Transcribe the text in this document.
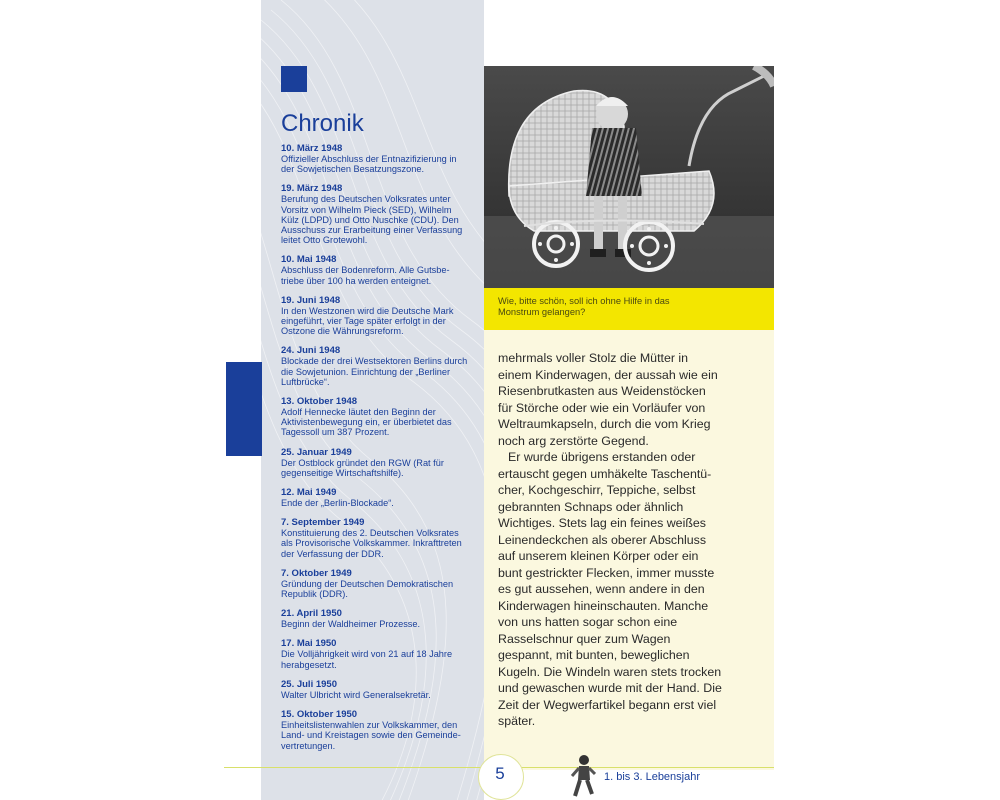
Chronik
10. März 1948
Offizieller Abschluss der Entnazifizierung in der Sowjetischen Besatzungszone.
19. März 1948
Berufung des Deutschen Volksrates unter Vorsitz von Wilhelm Pieck (SED), Wilhelm Külz (LDPD) und Otto Nuschke (CDU). Den Ausschuss zur Erarbeitung einer Verfassung leitet Otto Grotewohl.
10. Mai 1948
Abschluss der Bodenreform. Alle Gutsbe-triebe über 100 ha werden enteignet.
19. Juni 1948
In den Westzonen wird die Deutsche Mark eingeführt, vier Tage später erfolgt in der Ostzone die Währungsreform.
24. Juni 1948
Blockade der drei Westsektoren Berlins durch die Sowjetunion. Einrichtung der „Berliner Luftbrücke“.
13. Oktober 1948
Adolf Hennecke läutet den Beginn der Aktivistenbewegung ein, er überbietet das Tagessoll um 387 Prozent.
25. Januar 1949
Der Ostblock gründet den RGW (Rat für gegenseitige Wirtschaftshilfe).
12. Mai 1949
Ende der „Berlin-Blockade“.
7. September 1949
Konstituierung des 2. Deutschen Volksrates als Provisorische Volkskammer. Inkrafttreten der Verfassung der DDR.
7. Oktober 1949
Gründung der Deutschen Demokratischen Republik (DDR).
21. April 1950
Beginn der Waldheimer Prozesse.
17. Mai 1950
Die Volljährigkeit wird von 21 auf 18 Jahre herabgesetzt.
25. Juli 1950
Walter Ulbricht wird Generalsekretär.
15. Oktober 1950
Einheitslistenwahlen zur Volkskammer, den Land- und Kreistagen sowie den Gemeinde-vertretungen.
Wie, bitte schön, soll ich ohne Hilfe in das Monstrum gelangen?

mehrmals voller Stolz die Mütter in einem Kinderwagen, der aussah wie ein Riesenbrutkasten aus Weidenstöcken für Störche oder wie ein Vorläufer von Weltraumkapseln, durch die vom Krieg noch arg zerstörte Gegend.

Er wurde übrigens erstanden oder ertauscht gegen umhäkelte Taschentü-cher, Kochgeschirr, Teppiche, selbst gebrannten Schnaps oder ähnlich Wichtiges. Stets lag ein feines weißes Leinendeckchen als oberer Abschluss auf unserem kleinen Körper oder ein bunt gestrickter Flecken, immer musste es gut aussehen, wenn andere in den Kinderwagen hineinschauten. Manche von uns hatten sogar schon eine Rasselschnur quer zum Wagen gespannt, mit bunten, beweglichen Kugeln. Die Windeln waren stets trocken und gewaschen wurde mit der Hand. Die Zeit der Wegwerfartikel begann erst viel später.

5	1. bis 3. Lebensjahr
